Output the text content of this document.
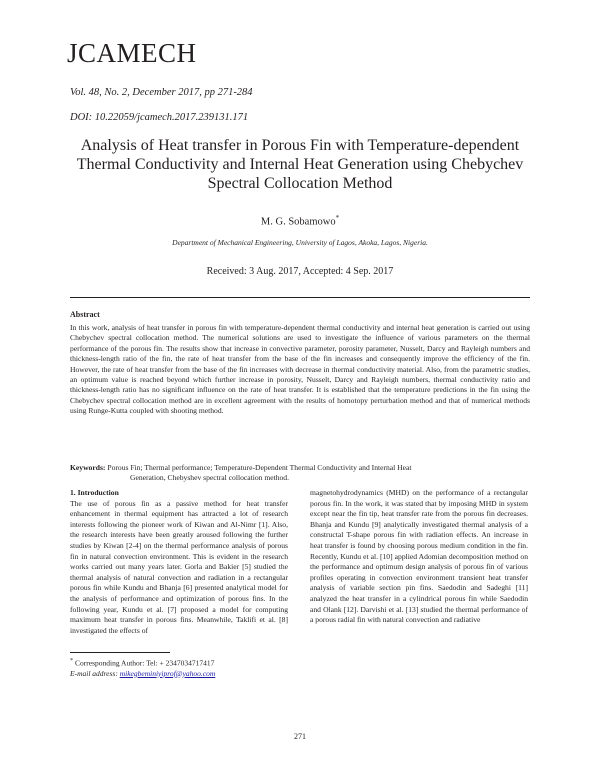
JCAMECH
Vol. 48, No. 2, December 2017, pp 271-284
DOI: 10.22059/jcamech.2017.239131.171
Analysis of Heat transfer in Porous Fin with Temperature-dependent Thermal Conductivity and Internal Heat Generation using Chebychev Spectral Collocation Method
M. G. Sobamowo*
Department of Mechanical Engineering, University of Lagos, Akoka, Lagos, Nigeria.
Received: 3 Aug. 2017, Accepted: 4 Sep. 2017
Abstract
In this work, analysis of heat transfer in porous fin with temperature-dependent thermal conductivity and internal heat generation is carried out using Chebychev spectral collocation method. The numerical solutions are used to investigate the influence of various parameters on the thermal performance of the porous fin. The results show that increase in convective parameter, porosity parameter, Nusselt, Darcy and Rayleigh numbers and thickness-length ratio of the fin, the rate of heat transfer from the base of the fin increases and consequently improve the efficiency of the fin. However, the rate of heat transfer from the base of the fin increases with decrease in thermal conductivity material. Also, from the parametric studies, an optimum value is reached beyond which further increase in porosity, Nusselt, Darcy and Rayleigh numbers, thermal conductivity ratio and thickness-length ratio has no significant influence on the rate of heat transfer. It is established that the temperature predictions in the fin using the Chebychev spectral collocation method are in excellent agreement with the results of homotopy perturbation method and that of numerical methods using Runge-Kutta coupled with shooting method.
Keywords: Porous Fin; Thermal performance; Temperature-Dependent Thermal Conductivity and Internal Heat
Generation, Chebyshev spectral collocation method.

1. Introduction

The use of porous fin as a passive method for heat transfer enhancement in thermal equipment has attracted a lot of research interests following the pioneer work of Kiwan and Al-Nimr [1]. Also, the research interests have been greatly aroused following the further studies by Kiwan [2-4] on the thermal performance analysis of porous fin in natural convection environment. This is evident in the research works carried out many years later. Gorla and Bakier [5] studied the thermal analysis of natural convection and radiation in a rectangular porous fin while Kundu and Bhanja [6] presented analytical model for the analysis of performance and optimization of porous fins. In the following year, Kundu et al. [7] proposed a model for computing maximum heat transfer in porous fins. Meanwhile, Taklifi et al. [8] investigated the effects of
magnetohydrodynamics (MHD) on the performance of a rectangular porous fin. In the work, it was stated that by imposing MHD in system except near the fin tip, heat transfer rate from the porous fin decreases. Bhanja and Kundu [9] analytically investigated thermal analysis of a constructal T-shape porous fin with radiation effects. An increase in heat transfer is found by choosing porous medium condition in the fin. Recently, Kundu et al. [10] applied Adomian decomposition method on the performance and optimum design analysis of porous fin of various profiles operating in convection environment transient heat transfer analysis of variable section pin fins. Saedodin and Sadeghi [11] analyzed the heat transfer in a cylindrical porous fin while Saedodin and Olank [12]. Darvishi et al. [13] studied the thermal performance of a porous radial fin with natural convection and radiative
* Corresponding Author: Tel: + 2347034717417
E-mail address: mikegbeminiyiprof@yahoo.com
271
